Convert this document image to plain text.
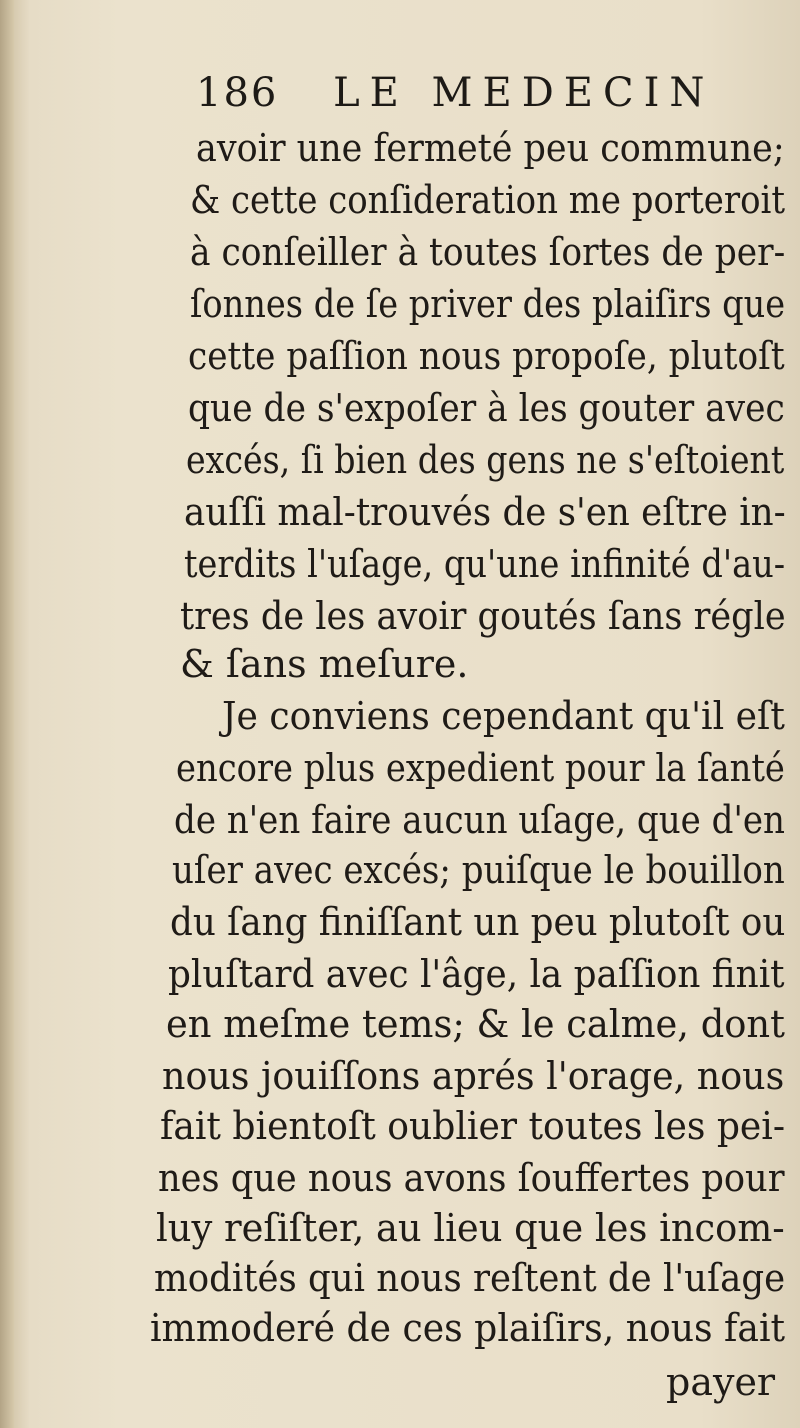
186 LE MEDECIN
avoir une fermeté peu commune;
& cette conſideration me porteroit
à conſeiller à toutes ſortes de per-
ſonnes de ſe priver des plaiſirs que
cette paſſion nous propoſe, plutoſt
que de s'expoſer à les gouter avec
excés, ſi bien des gens ne s'eſtoient
auſſi mal-trouvés de s'en eſtre in-
terdits l'uſage, qu'une infinité d'au-
tres de les avoir goutés ſans régle
& ſans meſure.
Je conviens cependant qu'il eſt
encore plus expedient pour la ſanté
de n'en faire aucun uſage, que d'en
uſer avec excés; puiſque le bouillon
du ſang finiſſant un peu plutoſt ou
pluſtard avec l'âge, la paſſion finit
en meſme tems; & le calme, dont
nous jouiſſons aprés l'orage, nous
fait bientoſt oublier toutes les pei-
nes que nous avons ſouffertes pour
luy reſiſter, au lieu que les incom-
modités qui nous reſtent de l'uſage
immoderé de ces plaiſirs, nous fait
payer
